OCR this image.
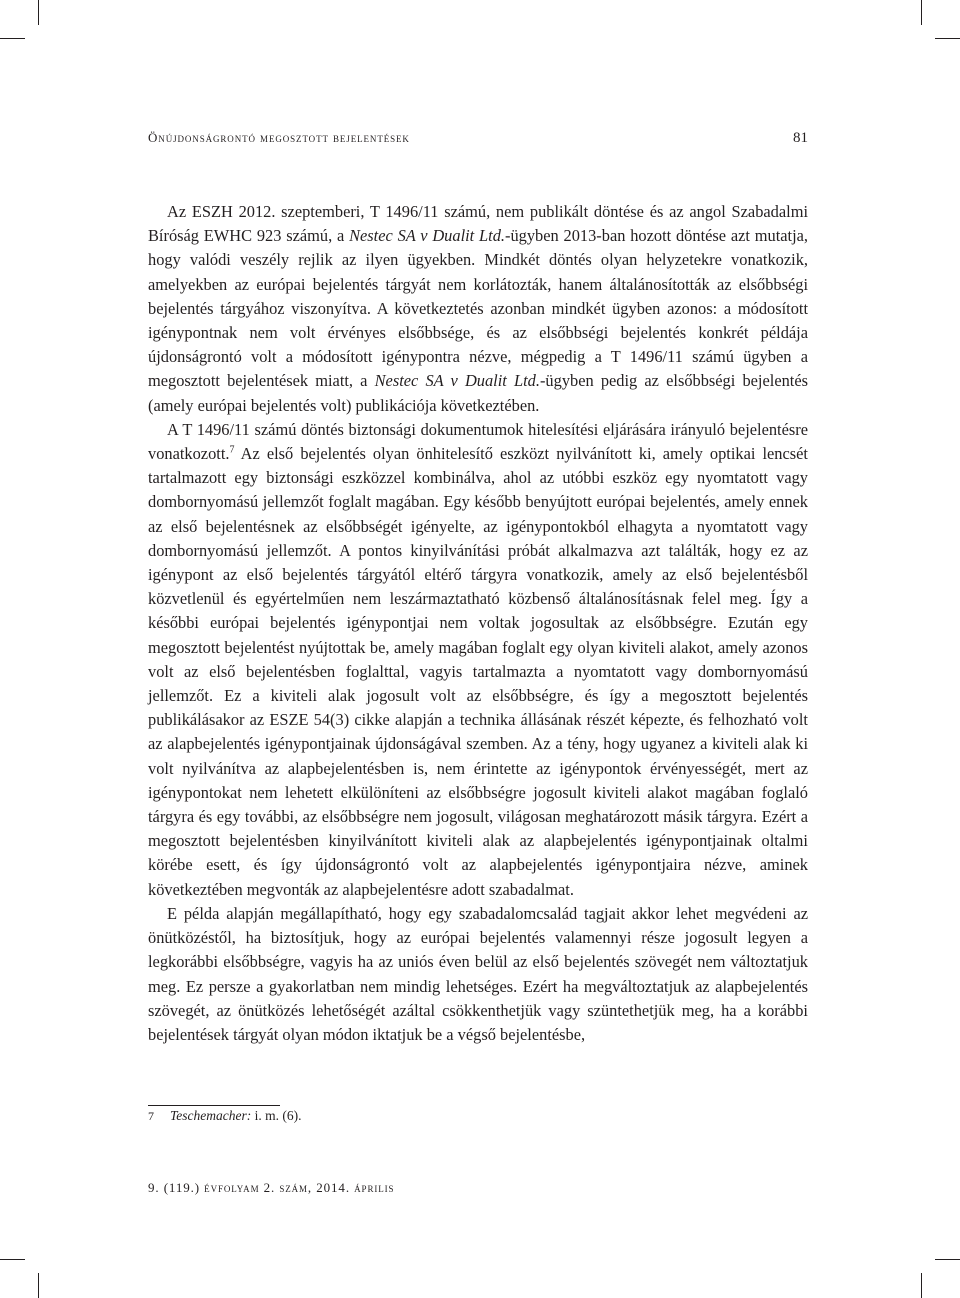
Önújdonságrontó megosztott bejelentések	81

Az ESZH 2012. szeptemberi, T 1496/11 számú, nem publikált döntése és az angol Szabadalmi Bíróság EWHC 923 számú, a Nestec SA v Dualit Ltd.-ügyben 2013-ban hozott döntése azt mutatja, hogy valódi veszély rejlik az ilyen ügyekben. Mindkét döntés olyan helyzetekre vonatkozik, amelyekben az európai bejelentés tárgyát nem korlátozták, hanem általánosították az elsőbbségi bejelentés tárgyához viszonyítva. A következtetés azonban mindkét ügyben azonos: a módosított igénypontnak nem volt érvényes elsőbbsége, és az elsőbbségi bejelentés konkrét példája újdonságrontó volt a módosított igénypontra nézve, mégpedig a T 1496/11 számú ügyben a megosztott bejelentések miatt, a Nestec SA v Dualit Ltd.-ügyben pedig az elsőbbségi bejelentés (amely európai bejelentés volt) publikációja következtében.

A T 1496/11 számú döntés biztonsági dokumentumok hitelesítési eljárására irányuló bejelentésre vonatkozott.$^7$ Az első bejelentés olyan önhitelesítő eszközt nyilvánított ki, amely optikai lencsét tartalmazott egy biztonsági eszközzel kombinálva, ahol az utóbbi eszköz egy nyomtatott vagy dombornyomású jellemzőt foglalt magában. Egy később benyújtott európai bejelentés, amely ennek az első bejelentésnek az elsőbbségét igényelte, az igénypontokból elhagyta a nyomtatott vagy dombornyomású jellemzőt. A pontos kinyilvánítási próbát alkalmazva azt találták, hogy ez az igénypont az első bejelentés tárgyától eltérő tárgyra vonatkozik, amely az első bejelentésből közvetlenül és egyértelműen nem leszármaztatható közbenső általánosításnak felel meg. Így a későbbi európai bejelentés igénypontjai nem voltak jogosultak az elsőbbségre. Ezután egy megosztott bejelentést nyújtottak be, amely magában foglalt egy olyan kiviteli alakot, amely azonos volt az első bejelentésben foglalttal, vagyis tartalmazta a nyomtatott vagy dombornyomású jellemzőt. Ez a kiviteli alak jogosult volt az elsőbbségre, és így a megosztott bejelentés publikálásakor az ESZE 54(3) cikke alapján a technika állásának részét képezte, és felhozható volt az alapbejelentés igénypontjainak újdonságával szemben. Az a tény, hogy ugyanez a kiviteli alak ki volt nyilvánítva az alapbejelentésben is, nem érintette az igénypontok érvényességét, mert az igénypontokat nem lehetett elkülöníteni az elsőbbségre jogosult kiviteli alakot magában foglaló tárgyra és egy további, az elsőbbségre nem jogosult, világosan meghatározott másik tárgyra. Ezért a megosztott bejelentésben kinyilvánított kiviteli alak az alapbejelentés igénypontjainak oltalmi körébe esett, és így újdonságrontó volt az alapbejelentés igénypontjaira nézve, aminek következtében megvonták az alapbejelentésre adott szabadalmat.

E példa alapján megállapítható, hogy egy szabadalomcsalád tagjait akkor lehet megvédeni az önütközéstől, ha biztosítjuk, hogy az európai bejelentés valamennyi része jogosult legyen a legkorábbi elsőbbségre, vagyis ha az uniós éven belül az első bejelentés szövegét nem változtatjuk meg. Ez persze a gyakorlatban nem mindig lehetséges. Ezért ha megváltoztatjuk az alapbejelentés szövegét, az önütközés lehetőségét azáltal csökkenthetjük vagy szüntethetjük meg, ha a korábbi bejelentések tárgyát olyan módon iktatjuk be a végső bejelentésbe,

7 Teschemacher: i. m. (6).
9. (119.) évfolyam 2. szám, 2014. április
